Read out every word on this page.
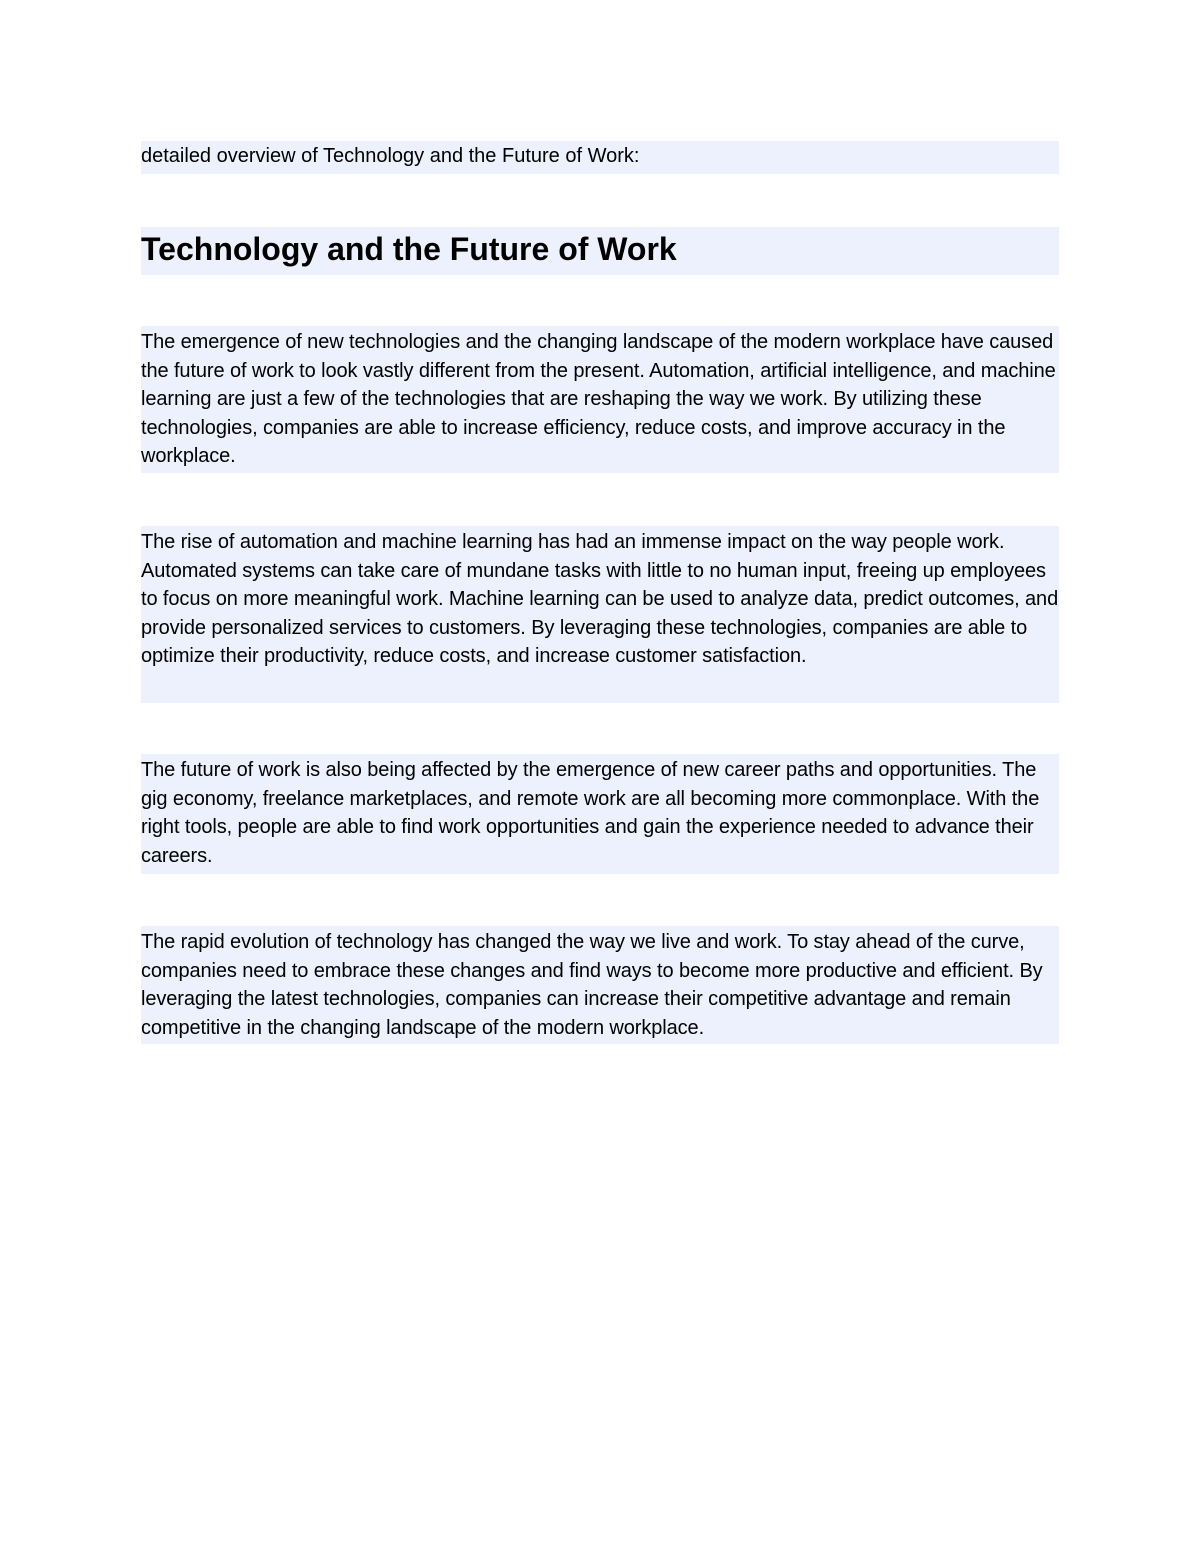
detailed overview of Technology and the Future of Work:
Technology and the Future of Work

The emergence of new technologies and the changing landscape of the modern workplace have caused the future of work to look vastly different from the present. Automation, artificial intelligence, and machine learning are just a few of the technologies that are reshaping the way we work. By utilizing these technologies, companies are able to increase efficiency, reduce costs, and improve accuracy in the workplace.

The rise of automation and machine learning has had an immense impact on the way people work. Automated systems can take care of mundane tasks with little to no human input, freeing up employees to focus on more meaningful work. Machine learning can be used to analyze data, predict outcomes, and provide personalized services to customers. By leveraging these technologies, companies are able to optimize their productivity, reduce costs, and increase customer satisfaction.

The future of work is also being affected by the emergence of new career paths and opportunities. The gig economy, freelance marketplaces, and remote work are all becoming more commonplace. With the right tools, people are able to find work opportunities and gain the experience needed to advance their careers.

The rapid evolution of technology has changed the way we live and work. To stay ahead of the curve, companies need to embrace these changes and find ways to become more productive and efficient. By leveraging the latest technologies, companies can increase their competitive advantage and remain competitive in the changing landscape of the modern workplace.
